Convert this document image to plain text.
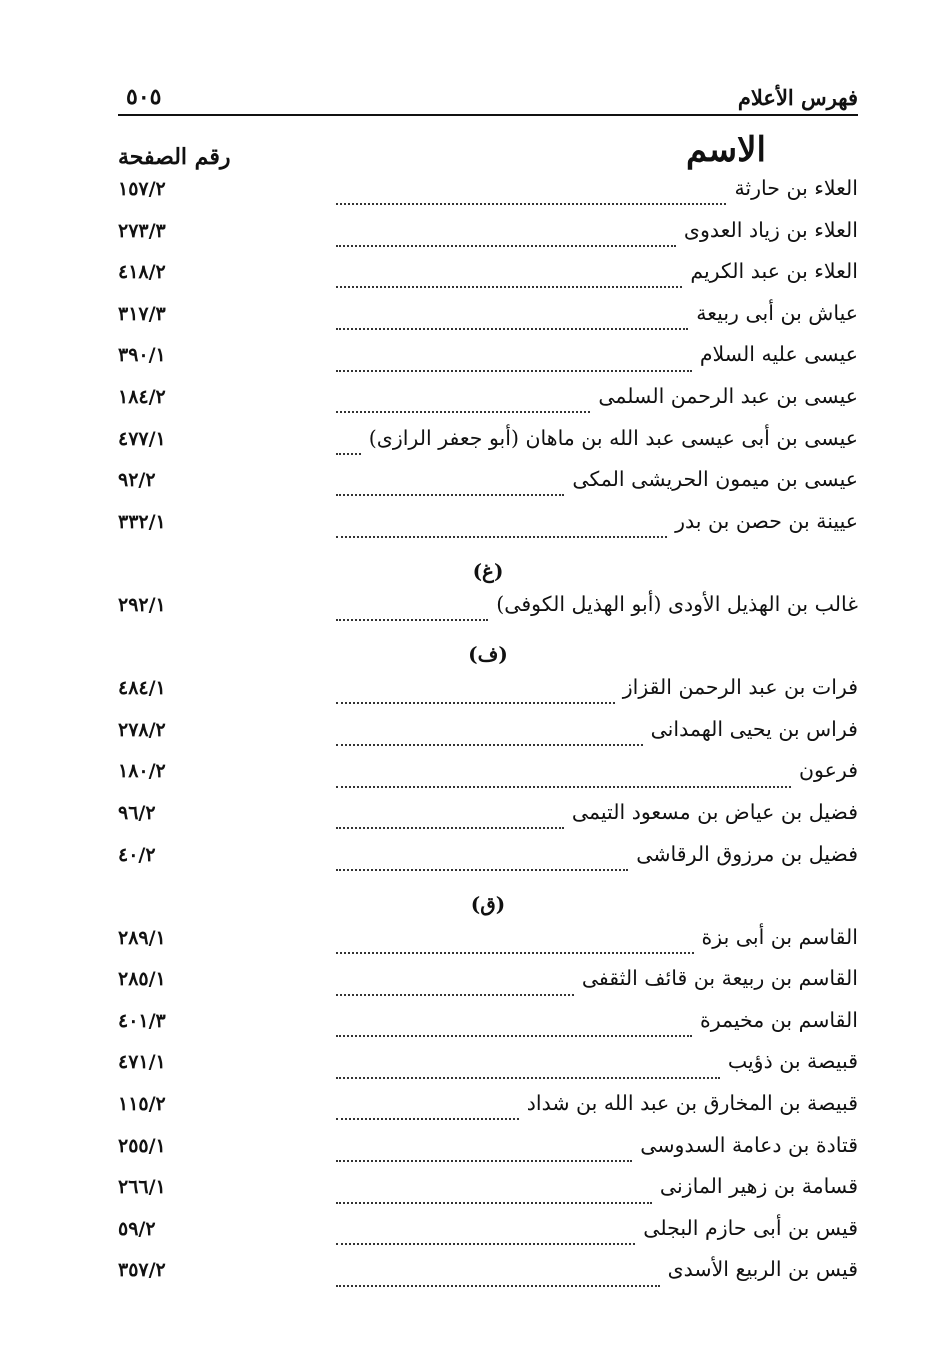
فهرس الأعلام
٥٠٥
الاسم
رقم الصفحة
العلاء بن حارثة
١٥٧/٢
العلاء بن زياد العدوى
٢٧٣/٣
العلاء بن عبد الكريم
٤١٨/٢
عياش بن أبى ربيعة
٣١٧/٣
عيسى عليه السلام
٣٩٠/١
عيسى بن عبد الرحمن السلمى
١٨٤/٢
عيسى بن أبى عيسى عبد الله بن ماهان (أبو جعفر الرازى)
٤٧٧/١
عيسى بن ميمون الحريشى المكى
٩٢/٢
عيينة بن حصن بن بدر
٣٣٢/١
(غ)
غالب بن الهذيل الأودى (أبو الهذيل الكوفى)
٢٩٢/١
(ف)
فرات بن عبد الرحمن القزاز
٤٨٤/١
فراس بن يحيى الهمدانى
٢٧٨/٢
فرعون
١٨٠/٢
فضيل بن عياض بن مسعود التيمى
٩٦/٢
فضيل بن مرزوق الرقاشى
٤٠/٢
(ق)
القاسم بن أبى بزة
٢٨٩/١
القاسم بن ربيعة بن قائف الثقفى
٢٨٥/١
القاسم بن مخيمرة
٤٠١/٣
قبيصة بن ذؤيب
٤٧١/١
قبيصة بن المخارق بن عبد الله بن شداد
١١٥/٢
قتادة بن دعامة السدوسى
٢٥٥/١
قسامة بن زهير المازنى
٢٦٦/١
قيس بن أبى حازم البجلى
٥٩/٢
قيس بن الربيع الأسدى
٣٥٧/٢
